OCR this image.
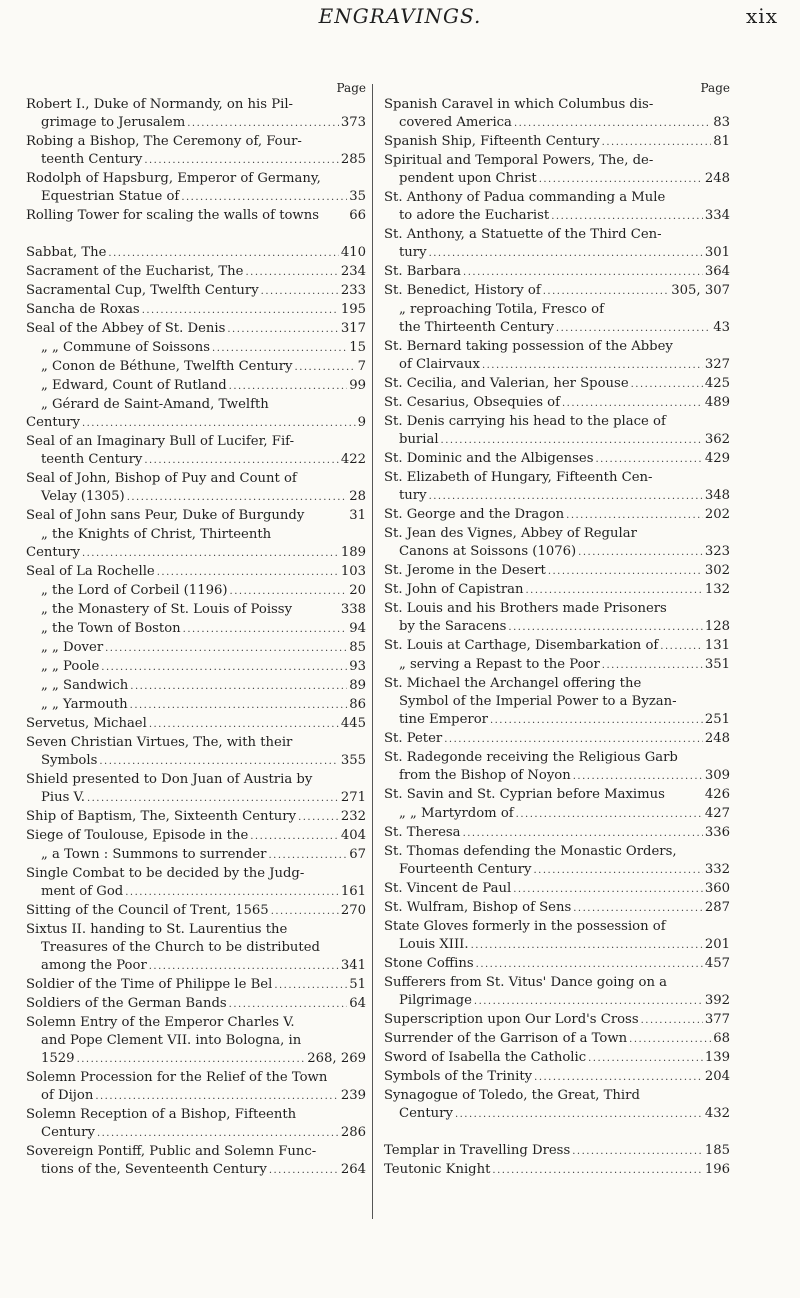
ENGRAVINGS.	xix
Page
Robert I., Duke of Normandy, on his Pil-
grimage to Jerusalem .....	373
Robing a Bishop, The Ceremony of, Four-
teenth Century .....	285
Rodolph of Hapsburg, Emperor of Germany,
Equestrian Statue of .....	35
Rolling Tower for scaling the walls of towns 66
Sabbat, The .....	410
Sacrament of the Eucharist, The .....	234
Sacramental Cup, Twelfth Century .....	233
Sancha de Roxas .....	195
Seal of the Abbey of St. Denis .....	317
„ „ Commune of Soissons .....	15
„ Conon de Béthune, Twelfth Century .....	7
„ Edward, Count of Rutland .....	99
„ Gérard de Saint-Amand, Twelfth
Century .....	9
Seal of an Imaginary Bull of Lucifer, Fif-
teenth Century .....	422
Seal of John, Bishop of Puy and Count of
Velay (1305) .....	28
Seal of John sans Peur, Duke of Burgundy	31
„ the Knights of Christ, Thirteenth
Century .....	189
Seal of La Rochelle .....	103
„ the Lord of Corbeil (1196) .....	20
„ the Monastery of St. Louis of Poissy	338
„ the Town of Boston .....	94
„ „ Dover .....	85
„ „ Poole .....	93
„ „ Sandwich .....	89
„ „ Yarmouth .....	86
Servetus, Michael .....	445
Seven Christian Virtues, The, with their
Symbols .....	355
Shield presented to Don Juan of Austria by
Pius V. .....	271
Ship of Baptism, The, Sixteenth Century .....	232
Siege of Toulouse, Episode in the .....	404
„ a Town : Summons to surrender .....	67
Single Combat to be decided by the Judg-
ment of God .....	161
Sitting of the Council of Trent, 1565 .....	270
Sixtus II. handing to St. Laurentius the
Treasures of the Church to be distributed
among the Poor .....	341
Soldier of the Time of Philippe le Bel .....	51
Soldiers of the German Bands .....	64
Solemn Entry of the Emperor Charles V.
and Pope Clement VII. into Bologna, in
1529 .....	268, 269
Solemn Procession for the Relief of the Town
of Dijon .....	239
Solemn Reception of a Bishop, Fifteenth
Century .....	286
Sovereign Pontiff, Public and Solemn Func-
tions of the, Seventeenth Century .....	264
Page
Spanish Caravel in which Columbus dis-
covered America .....	83
Spanish Ship, Fifteenth Century .....	81
Spiritual and Temporal Powers, The, de-
pendent upon Christ .....	248
St. Anthony of Padua commanding a Mule
to adore the Eucharist .....	334
St. Anthony, a Statuette of the Third Cen-
tury .....	301
St. Barbara .....	364
St. Benedict, History of .....	305, 307
„ reproaching Totila, Fresco of
the Thirteenth Century .....	43
St. Bernard taking possession of the Abbey
of Clairvaux .....	327
St. Cecilia, and Valerian, her Spouse .....	425
St. Cesarius, Obsequies of .....	489
St. Denis carrying his head to the place of
burial .....	362
St. Dominic and the Albigenses .....	429
St. Elizabeth of Hungary, Fifteenth Cen-
tury .....	348
St. George and the Dragon .....	202
St. Jean des Vignes, Abbey of Regular
Canons at Soissons (1076) .....	323
St. Jerome in the Desert .....	302
St. John of Capistran .....	132
St. Louis and his Brothers made Prisoners
by the Saracens .....	128
St. Louis at Carthage, Disembarkation of .....	131
„ serving a Repast to the Poor .....	351
St. Michael the Archangel offering the
Symbol of the Imperial Power to a Byzan-
tine Emperor .....	251
St. Peter .....	248
St. Radegonde receiving the Religious Garb
from the Bishop of Noyon .....	309
St. Savin and St. Cyprian before Maximus	426
„ „ Martyrdom of .....	427
St. Theresa .....	336
St. Thomas defending the Monastic Orders,
Fourteenth Century .....	332
St. Vincent de Paul .....	360
St. Wulfram, Bishop of Sens .....	287
State Gloves formerly in the possession of
Louis XIII. .....	201
Stone Coffins .....	457
Sufferers from St. Vitus' Dance going on a
Pilgrimage .....	392
Superscription upon Our Lord's Cross .....	377
Surrender of the Garrison of a Town .....	68
Sword of Isabella the Catholic .....	139
Symbols of the Trinity .....	204
Synagogue of Toledo, the Great, Third
Century .....	432
Templar in Travelling Dress .....	185
Teutonic Knight .....	196
